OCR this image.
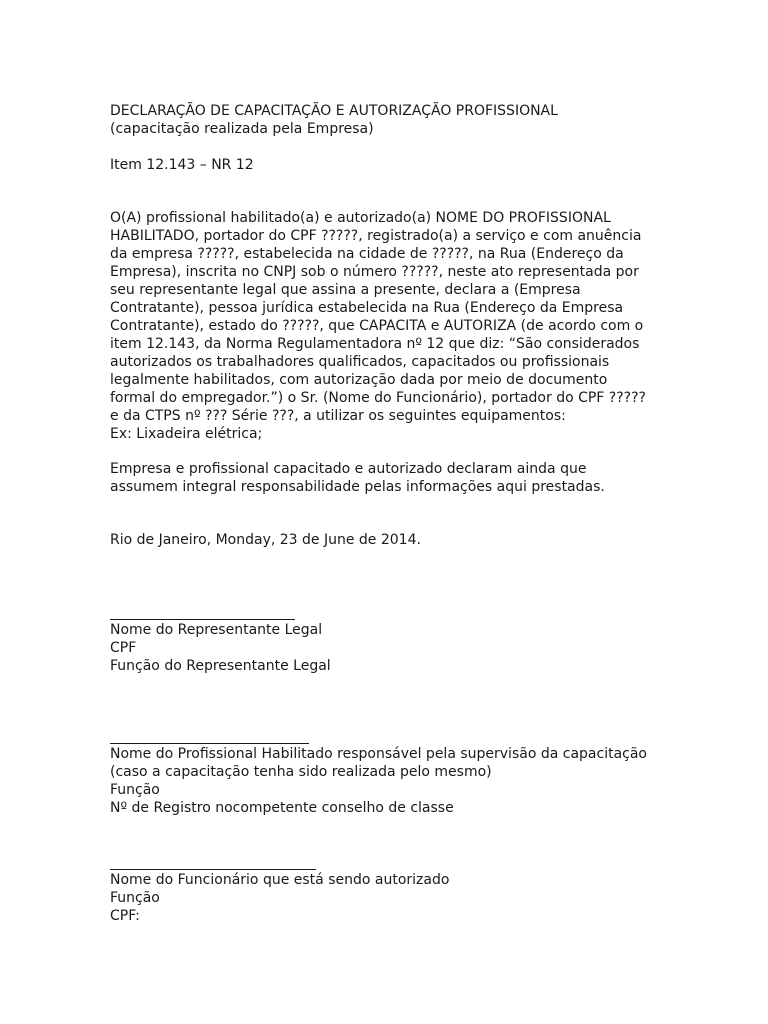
DECLARAÇÃO DE CAPACITAÇÃO E AUTORIZAÇÃO PROFISSIONAL
(capacitação realizada pela Empresa)
Item 12.143 – NR 12
O(A) profissional habilitado(a) e autorizado(a) NOME DO PROFISSIONAL
HABILITADO, portador do CPF ?????, registrado(a) a serviço e com anuência
da empresa ?????, estabelecida na cidade de ?????, na Rua (Endereço da
Empresa), inscrita no CNPJ sob o número ?????, neste ato representada por
seu representante legal que assina a presente, declara a (Empresa
Contratante), pessoa jurídica estabelecida na Rua (Endereço da Empresa
Contratante), estado do ?????, que CAPACITA e AUTORIZA (de acordo com o
item 12.143, da Norma Regulamentadora nº 12 que diz: “São considerados
autorizados os trabalhadores qualificados, capacitados ou profissionais
legalmente habilitados, com autorização dada por meio de documento
formal do empregador.”) o Sr. (Nome do Funcionário), portador do CPF ?????
e da CTPS nº ??? Série ???, a utilizar os seguintes equipamentos:
Ex: Lixadeira elétrica;
Empresa e profissional capacitado e autorizado declaram ainda que
assumem integral responsabilidade pelas informações aqui prestadas.
Rio de Janeiro, Monday, 23 de June de 2014.
Nome do Representante Legal
CPF
Função do Representante Legal
Nome do Profissional Habilitado responsável pela supervisão da capacitação
(caso a capacitação tenha sido realizada pelo mesmo)
Função
Nº de Registro nocompetente conselho de classe
Nome do Funcionário que está sendo autorizado
Função
CPF:
